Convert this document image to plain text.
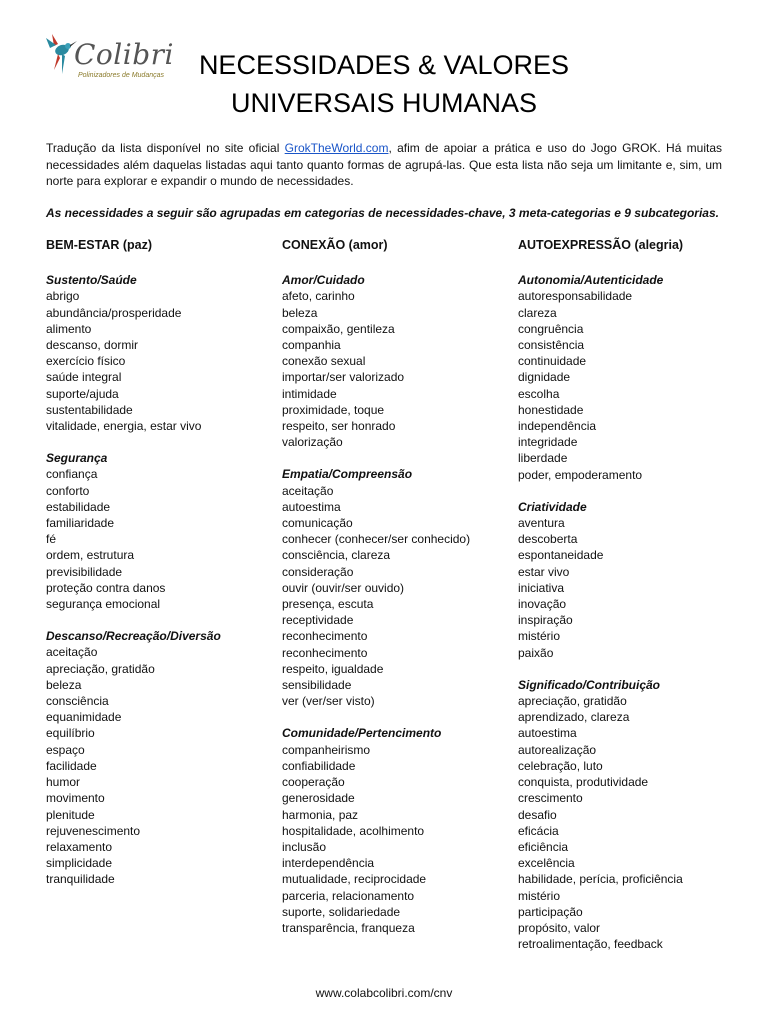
Colibri
Polinizadores de Mudanças	NECESSIDADES & VALORES
UNIVERSAIS HUMANAS

Tradução da lista disponível no site oficial GrokTheWorld.com, afim de apoiar a prática e uso do Jogo GROK. Há muitas necessidades além daquelas listadas aqui tanto quanto formas de agrupá-las. Que esta lista não seja um limitante e, sim, um norte para explorar e expandir o mundo de necessidades.

As necessidades a seguir são agrupadas em categorias de necessidades-chave, 3 meta-categorias e 9 subcategorias.
BEM-ESTAR (paz)
Sustento/Saúde
abrigo
abundância/prosperidade
alimento
descanso, dormir
exercício físico
saúde integral
suporte/ajuda
sustentabilidade
vitalidade, energia, estar vivo
Segurança
confiança
conforto
estabilidade
familiaridade
fé
ordem, estrutura
previsibilidade
proteção contra danos
segurança emocional
Descanso/Recreação/Diversão
aceitação
apreciação, gratidão
beleza
consciência
equanimidade
equilíbrio
espaço
facilidade
humor
movimento
plenitude
rejuvenescimento
relaxamento
simplicidade
tranquilidade
CONEXÃO (amor)
Amor/Cuidado
afeto, carinho
beleza
compaixão, gentileza
companhia
conexão sexual
importar/ser valorizado
intimidade
proximidade, toque
respeito, ser honrado
valorização
Empatia/Compreensão
aceitação
autoestima
comunicação
conhecer (conhecer/ser conhecido)
consciência, clareza
consideração
ouvir (ouvir/ser ouvido)
presença, escuta
receptividade
reconhecimento
reconhecimento
respeito, igualdade
sensibilidade
ver (ver/ser visto)
Comunidade/Pertencimento
companheirismo
confiabilidade
cooperação
generosidade
harmonia, paz
hospitalidade, acolhimento
inclusão
interdependência
mutualidade, reciprocidade
parceria, relacionamento
suporte, solidariedade
transparência, franqueza
AUTOEXPRESSÃO (alegria)
Autonomia/Autenticidade
autoresponsabilidade
clareza
congruência
consistência
continuidade
dignidade
escolha
honestidade
independência
integridade
liberdade
poder, empoderamento
Criatividade
aventura
descoberta
espontaneidade
estar vivo
iniciativa
inovação
inspiração
mistério
paixão
Significado/Contribuição
apreciação, gratidão
aprendizado, clareza
autoestima
autorealização
celebração, luto
conquista, produtividade
crescimento
desafio
eficácia
eficiência
excelência
habilidade, perícia, proficiência
mistério
participação
propósito, valor
retroalimentação, feedback
www.colabcolibri.com/cnv
